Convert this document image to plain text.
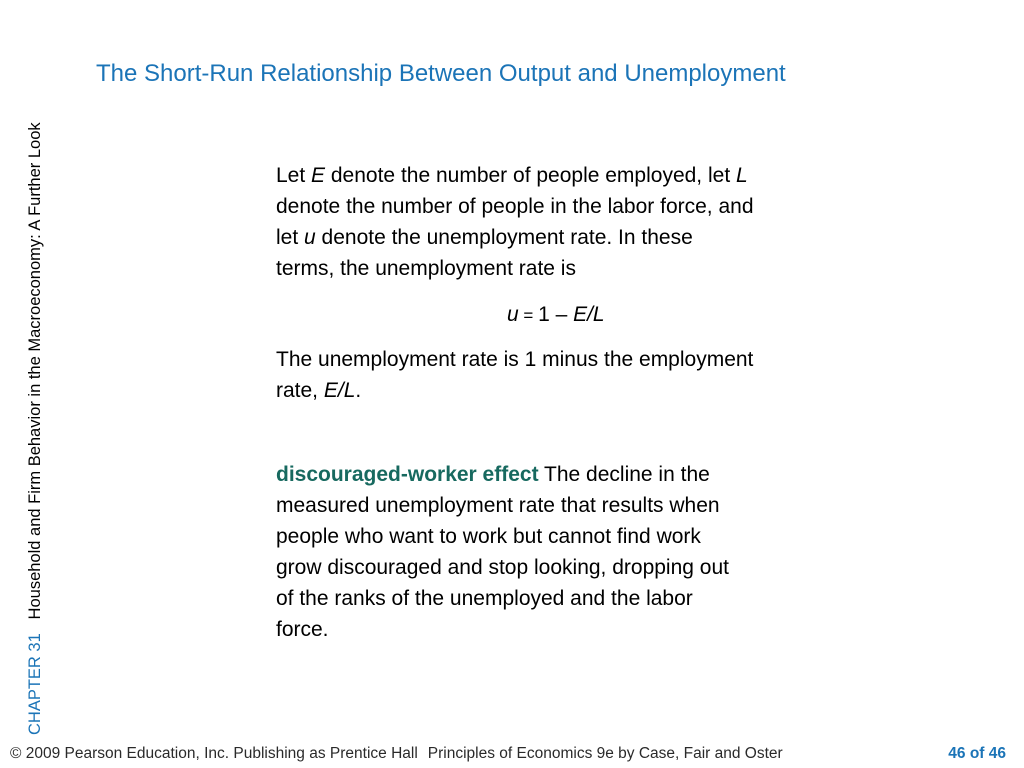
CHAPTER 31   Household and Firm Behavior in the Macroeconomy: A Further Look
The Short-Run Relationship Between Output and Unemployment
Let E denote the number of people employed, let L
denote the number of people in the labor force, and
let u denote the unemployment rate. In these
terms, the unemployment rate is
u = 1 – E/L
The unemployment rate is 1 minus the employment
rate, E/L.
discouraged-worker effect The decline in the
measured unemployment rate that results when
people who want to work but cannot find work
grow discouraged and stop looking, dropping out
of the ranks of the unemployed and the labor
force.
© 2009 Pearson Education, Inc. Publishing as Prentice Hall Principles of Economics 9e by Case, Fair and Oster	46 of 46
